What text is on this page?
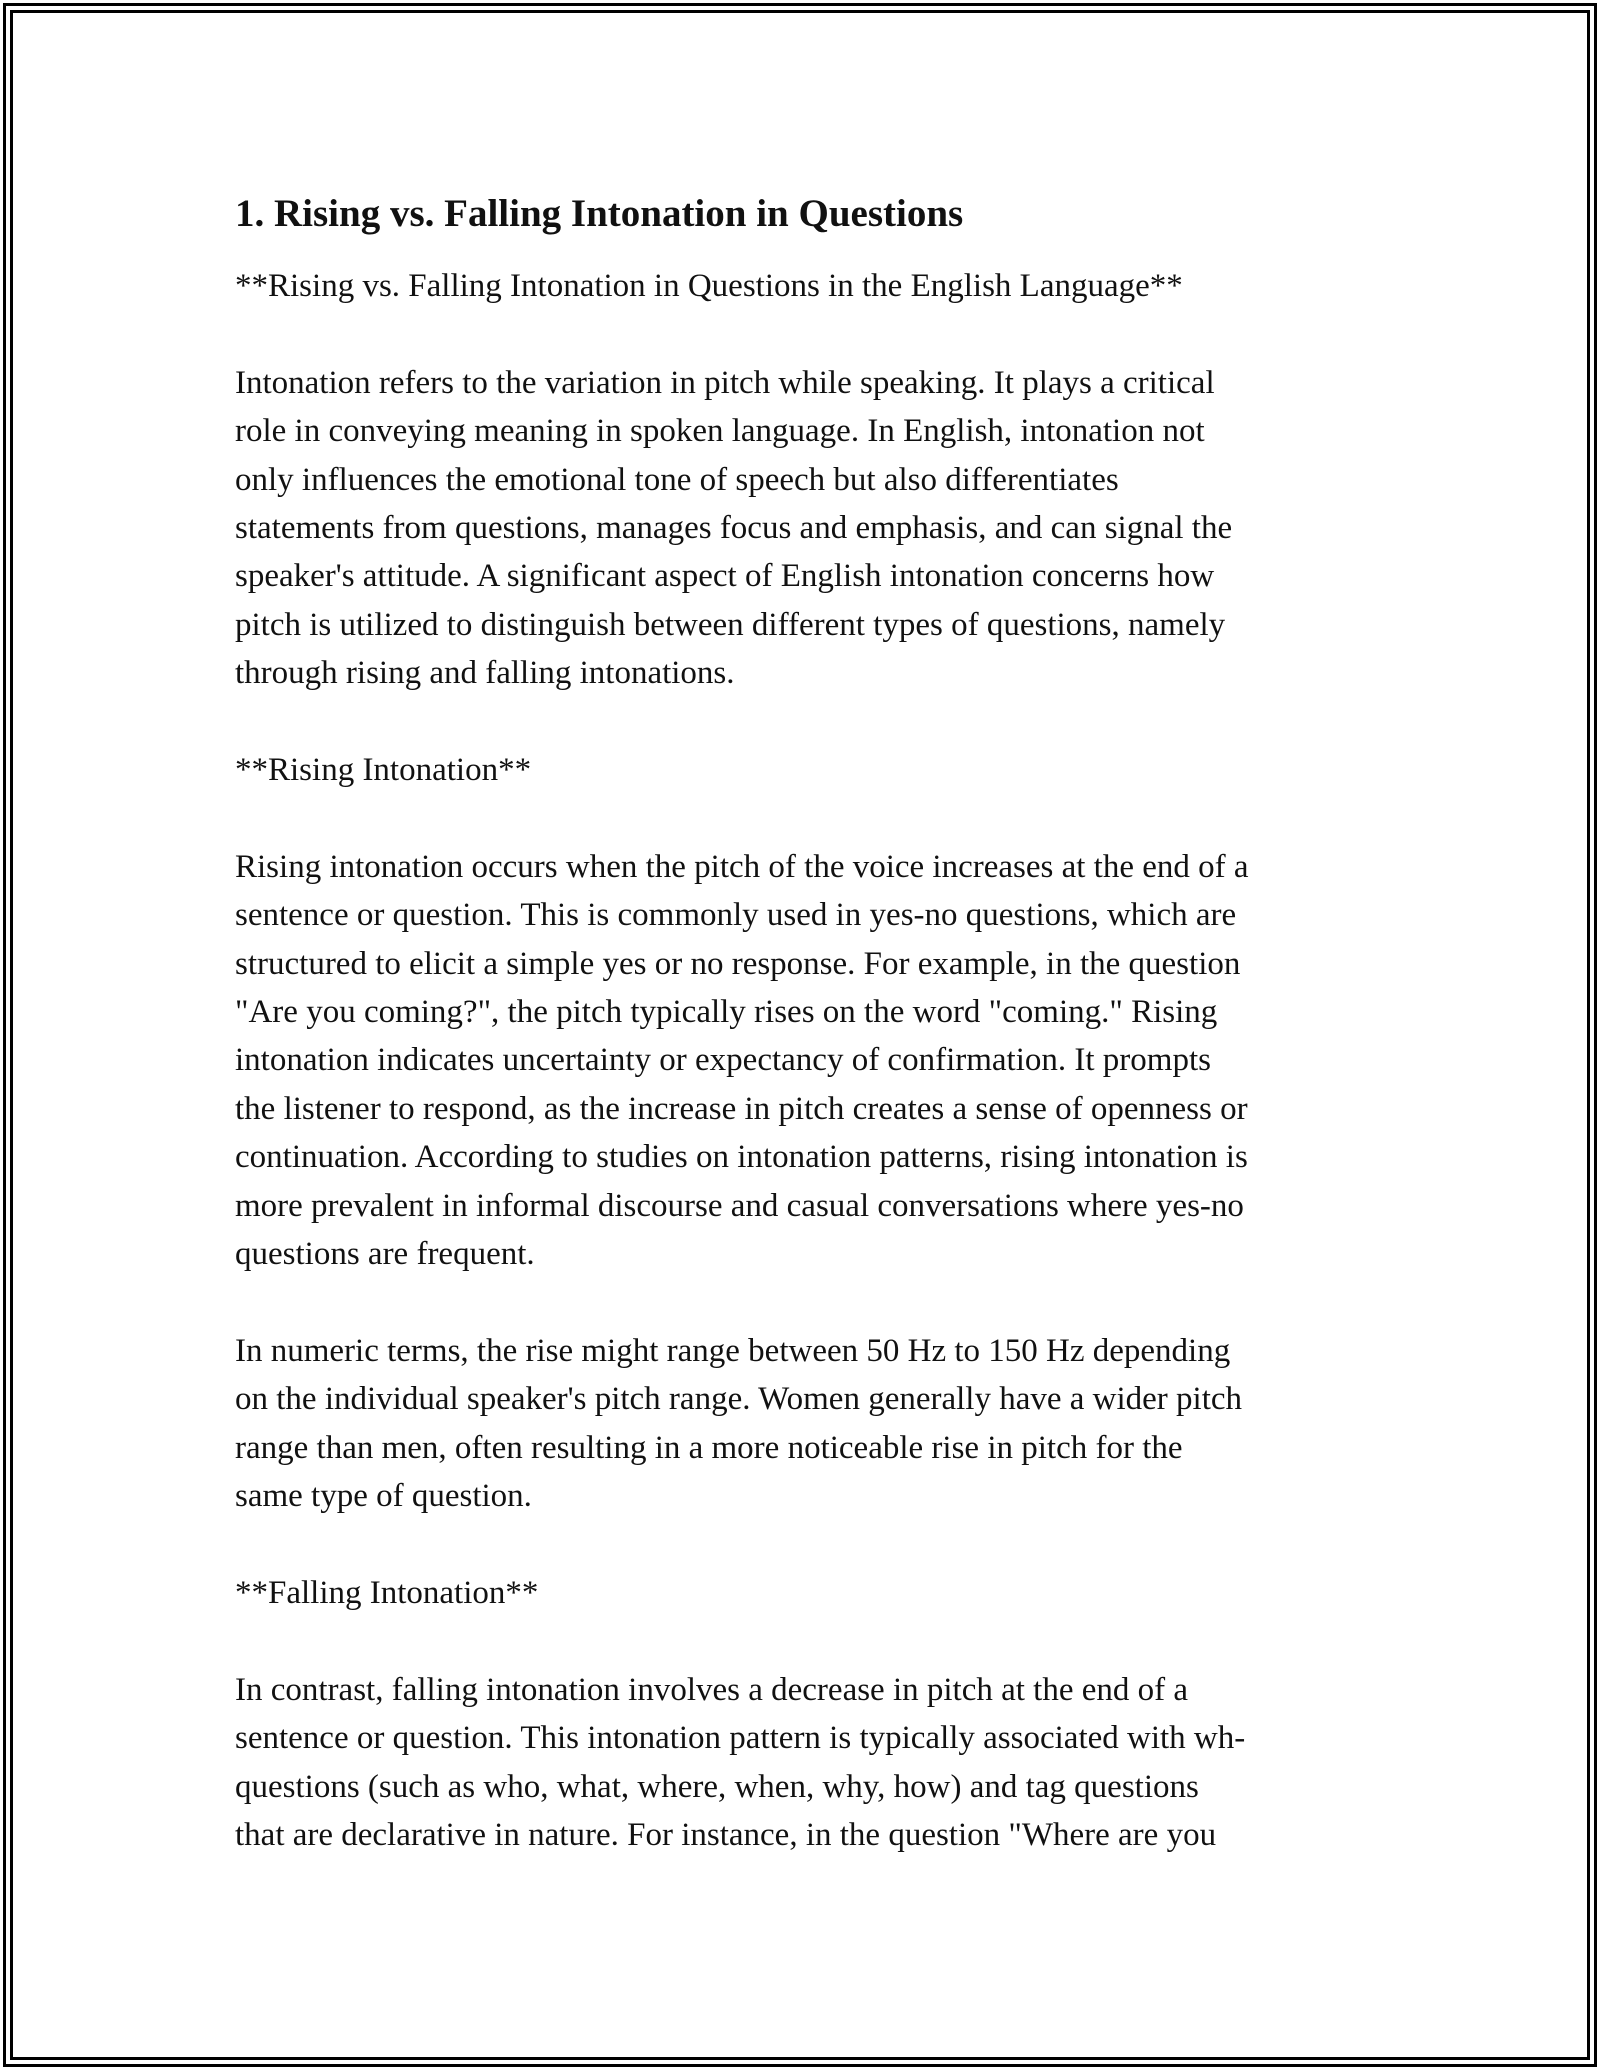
1. Rising vs. Falling Intonation in Questions
**Rising vs. Falling Intonation in Questions in the English Language**
Intonation refers to the variation in pitch while speaking. It plays a critical
role in conveying meaning in spoken language. In English, intonation not
only influences the emotional tone of speech but also differentiates
statements from questions, manages focus and emphasis, and can signal the
speaker's attitude. A significant aspect of English intonation concerns how
pitch is utilized to distinguish between different types of questions, namely
through rising and falling intonations.
**Rising Intonation**
Rising intonation occurs when the pitch of the voice increases at the end of a
sentence or question. This is commonly used in yes-no questions, which are
structured to elicit a simple yes or no response. For example, in the question
"Are you coming?", the pitch typically rises on the word "coming." Rising
intonation indicates uncertainty or expectancy of confirmation. It prompts
the listener to respond, as the increase in pitch creates a sense of openness or
continuation. According to studies on intonation patterns, rising intonation is
more prevalent in informal discourse and casual conversations where yes-no
questions are frequent.
In numeric terms, the rise might range between 50 Hz to 150 Hz depending
on the individual speaker's pitch range. Women generally have a wider pitch
range than men, often resulting in a more noticeable rise in pitch for the
same type of question.
**Falling Intonation**
In contrast, falling intonation involves a decrease in pitch at the end of a
sentence or question. This intonation pattern is typically associated with wh-
questions (such as who, what, where, when, why, how) and tag questions
that are declarative in nature. For instance, in the question "Where are you
